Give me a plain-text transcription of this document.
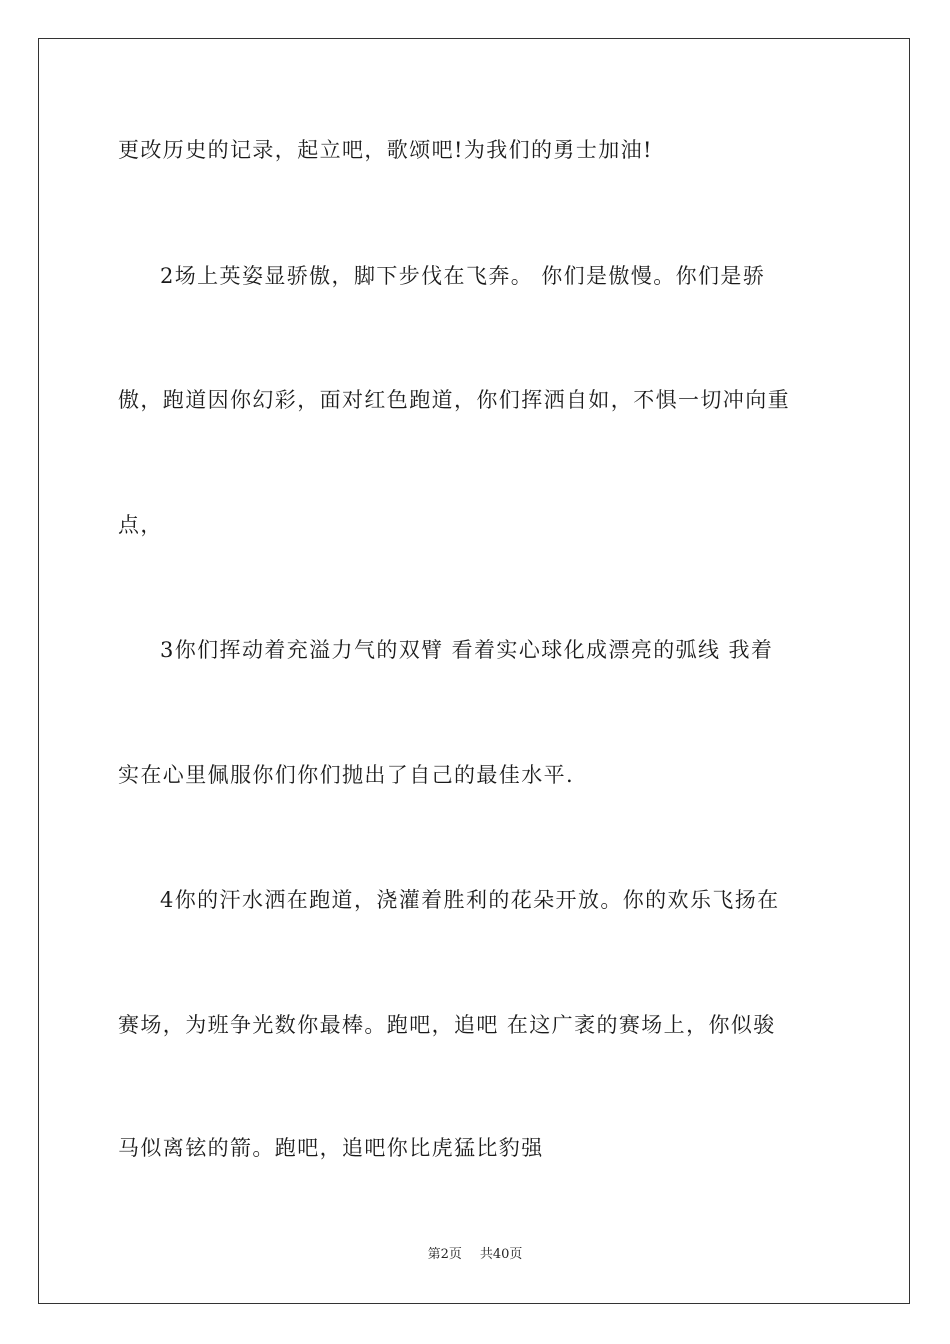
更改历史的记录，起立吧，歌颂吧!为我们的勇士加油!
2场上英姿显骄傲，脚下步伐在飞奔。 你们是傲慢。你们是骄
傲，跑道因你幻彩，面对红色跑道，你们挥洒自如，不惧一切冲向重
点，
3你们挥动着充溢力气的双臂 看着实心球化成漂亮的弧线 我着
实在心里佩服你们你们抛出了自己的最佳水平.
4你的汗水洒在跑道，浇灌着胜利的花朵开放。你的欢乐飞扬在
赛场，为班争光数你最棒。跑吧，追吧 在这广袤的赛场上，你似骏
马似离铉的箭。跑吧，追吧你比虎猛比豹强
第2页 共40页
